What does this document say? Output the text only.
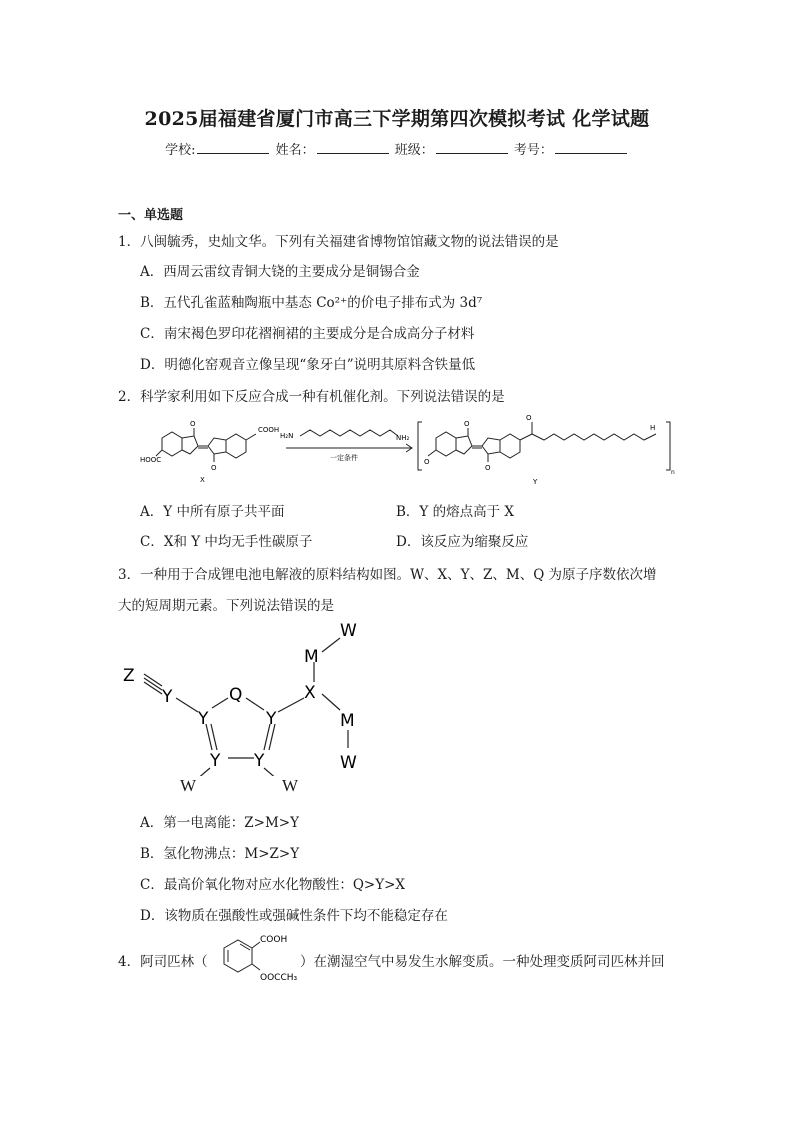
2025届福建省厦门市高三下学期第四次模拟考试 化学试题
学校:	姓名：	班级：	考号：
一、单选题
1．八闽毓秀，史灿文华。下列有关福建省博物馆馆藏文物的说法错误的是
A．西周云雷纹青铜大铙的主要成分是铜锡合金
B．五代孔雀蓝釉陶瓶中基态 Co²⁺的价电子排布式为 3d⁷
C．南宋褐色罗印花褶裥裙的主要成分是合成高分子材料
D．明德化窑观音立像呈现“象牙白”说明其原料含铁量低
2．科学家利用如下反应合成一种有机催化剂。下列说法错误的是
COOH
HOOC
O
O
X
H₂N	NH₂
一定条件
O
O
O
O
H
n
Y
A．Y 中所有原子共平面	B．Y 的熔点高于 X
C．X和 Y 中均无手性碳原子	D．该反应为缩聚反应
3．一种用于合成锂电池电解液的原料结构如图。W、X、Y、Z、M、Q 为原子序数依次增
大的短周期元素。下列说法错误的是
Z
Y	Q
Y	Y
Y Y
X
M
W
M
W
W	W
A．第一电离能：Z>M>Y
B．氢化物沸点：M>Z>Y
C．最高价氧化物对应水化物酸性：Q>Y>X
D．该物质在强酸性或强碱性条件下均不能稳定存在
4．阿司匹林（
COOH
OOCCH₃
）在潮湿空气中易发生水解变质。一种处理变质阿司匹林并回
